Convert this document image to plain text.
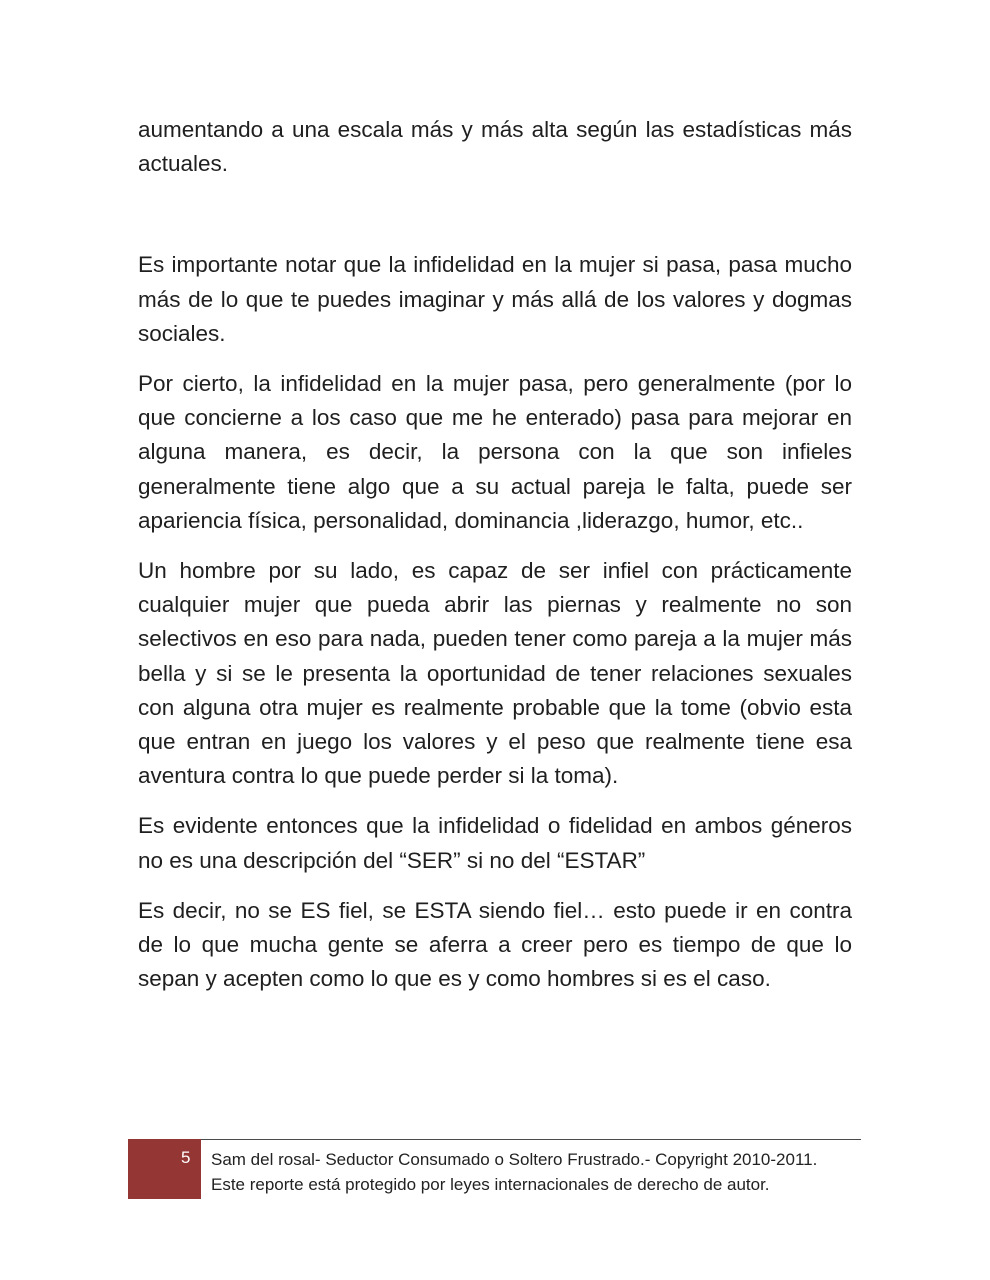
aumentando a una escala más y más alta según las estadísticas más actuales.

Es importante notar que la infidelidad en la mujer si pasa, pasa mucho más de lo que te puedes imaginar y más allá de los valores y dogmas sociales.

Por cierto, la infidelidad en la mujer pasa, pero generalmente (por lo que concierne a los caso que me he enterado) pasa para mejorar en alguna manera, es decir, la persona con la que son infieles generalmente tiene algo que a su actual pareja le falta, puede ser apariencia física, personalidad, dominancia ,liderazgo, humor, etc..

Un hombre por su lado, es capaz de ser infiel con prácticamente cualquier mujer que pueda abrir las piernas y realmente no son selectivos en eso para nada, pueden tener como pareja a la mujer más bella y si se le presenta la oportunidad de tener relaciones sexuales con alguna otra mujer es realmente probable que la tome (obvio esta que entran en juego los valores y el peso que realmente tiene esa aventura contra lo que puede perder si la toma).

Es evidente entonces que la infidelidad o fidelidad en ambos géneros no es una descripción del “SER” si no del “ESTAR”

Es decir, no se ES fiel, se ESTA siendo fiel… esto puede ir en contra de lo que mucha gente se aferra a creer pero es tiempo de que lo sepan y acepten como lo que es y como hombres si es el caso.

5	Sam del rosal- Seductor Consumado o Soltero Frustrado.- Copyright 2010-2011.
Este reporte está protegido por leyes internacionales de derecho de autor.
